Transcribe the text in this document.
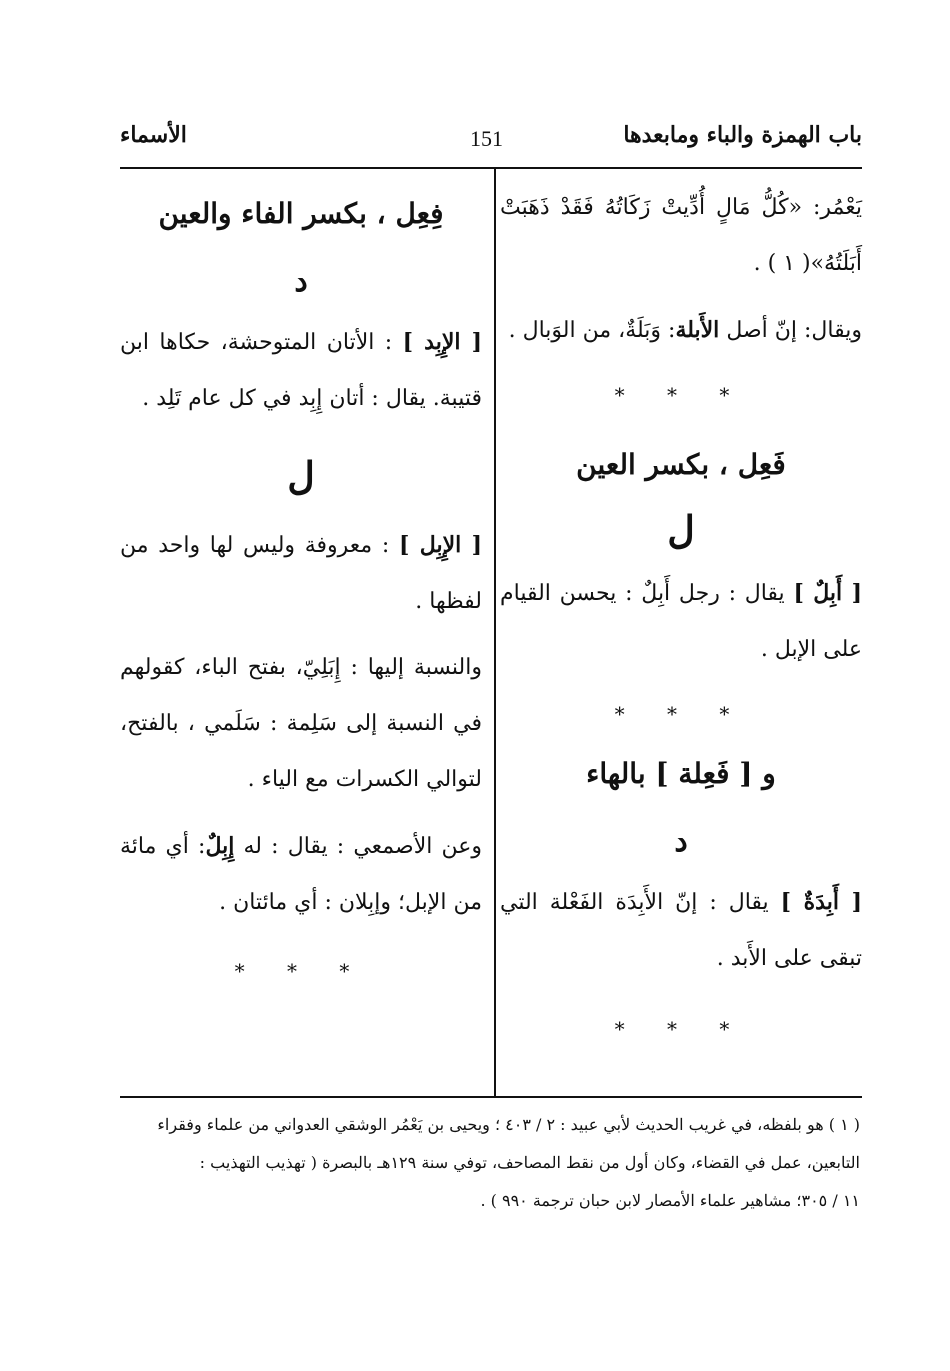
باب الهمزة والباء ومابعدها
151
الأسماء

يَعْمُر: «كُلُّ مَالٍ أُدِّيتْ زَكَاتُهُ فَقَدْ ذَهَبَتْ أَبَلَتُهُ»( ١ ) .

ويقال: إنّ أصل الأَبلة: وَبَلَةٌ، من الوَبال .

* * *

فَعِل ، بكسر العين

ل

[ أَبِلٌ ] يقال : رجل أَبِلٌ : يحسن القيام على الإبل .

* * *

و [ فَعِلة ] بالهاء

د

[ أَبِدَةٌ ] يقال : إنّ الأَبِدَة الفَعْلة التي تبقى على الأَبد .

* * *

فِعِل ، بكسر الفاء والعين

د

[ الإِبِد ] : الأتان المتوحشة، حكاها ابن قتيبة. يقال : أتان إِبِد في كل عام تَلِد .

ل

[ الإِبِل ] : معروفة وليس لها واحد من لفظها .

والنسبة إليها : إِبَلِيّ، بفتح الباء، كقولهم في النسبة إلى سَلِمة : سَلَمي ، بالفتح، لتوالي الكسرات مع الياء .

وعن الأصمعي : يقال : له إِبِلٌ: أي مائة من الإبل؛ وإبِلان : أي مائتان .

* * *

( ١ ) هو بلفظه، في غريب الحديث لأبي عبيد : ٢ / ٤٠٣ ؛ ويحيى بن يَعْمُر الوشقي العدواني من علماء وفقراء

التابعين، عمل في القضاء، وكان أول من نقط المصاحف، توفي سنة ١٢٩هـ بالبصرة ( تهذيب التهذيب :

١١ / ٣٠٥؛ مشاهير علماء الأمصار لابن حبان ترجمة ٩٩٠ ) .
